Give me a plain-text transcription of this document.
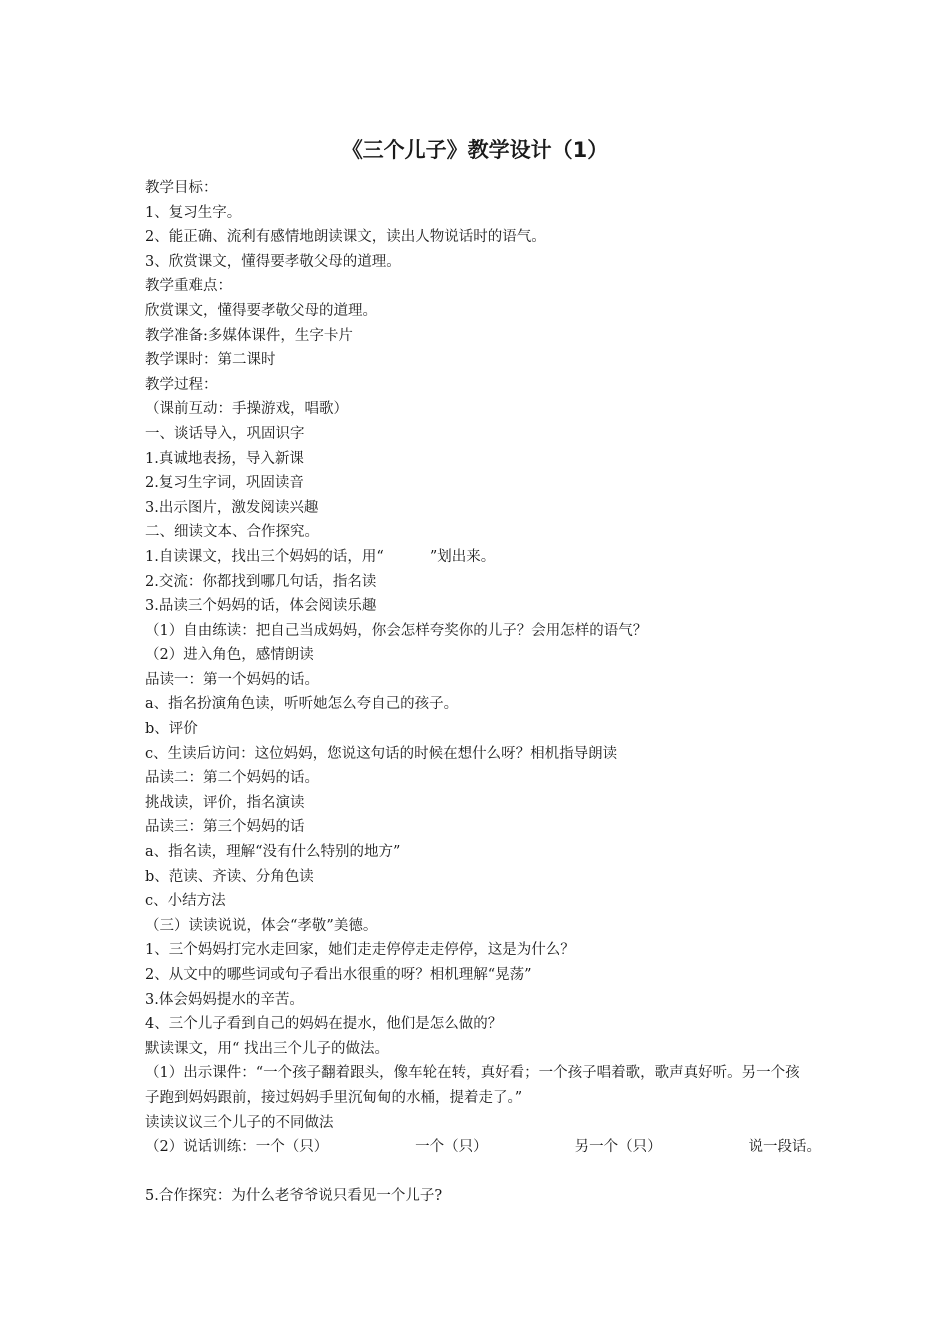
《三个儿子》教学设计（1）
教学目标：
1、复习生字。
2、能正确、流利有感情地朗读课文，读出人物说话时的语气。
3、欣赏课文，懂得要孝敬父母的道理。
教学重难点：
欣赏课文，懂得要孝敬父母的道理。
教学准备:多媒体课件，生字卡片
教学课时：第二课时
教学过程：
（课前互动：手操游戏，唱歌）
一、谈话导入，巩固识字
1.真诚地表扬，导入新课
2.复习生字词，巩固读音
3.出示图片，激发阅读兴趣
二、细读文本、合作探究。
1.自读课文，找出三个妈妈的话，用“          ”划出来。
2.交流：你都找到哪几句话，指名读
3.品读三个妈妈的话，体会阅读乐趣
（1）自由练读：把自己当成妈妈，你会怎样夸奖你的儿子？会用怎样的语气？
（2）进入角色，感情朗读
品读一：第一个妈妈的话。
a、指名扮演角色读，听听她怎么夸自己的孩子。
b、评价
c、生读后访问：这位妈妈，您说这句话的时候在想什么呀？相机指导朗读
品读二：第二个妈妈的话。
挑战读，评价，指名演读
品读三：第三个妈妈的话
a、指名读，理解“没有什么特别的地方”
b、范读、齐读、分角色读
c、小结方法
（三）读读说说，体会“孝敬”美德。
1、三个妈妈打完水走回家，她们走走停停走走停停，这是为什么？
2、从文中的哪些词或句子看出水很重的呀？相机理解“晃荡”
3.体会妈妈提水的辛苦。
4、三个儿子看到自己的妈妈在提水，他们是怎么做的？
默读课文，用“ 找出三个儿子的做法。
（1）出示课件：“一个孩子翻着跟头，像车轮在转，真好看；一个孩子唱着歌，歌声真好听。另一个孩子跑到妈妈跟前，接过妈妈手里沉甸甸的水桶，提着走了。”
读读议议三个儿子的不同做法
（2）说话训练：一个（只）	一个（只）	另一个（只）	说一段话。
5.合作探究：为什么老爷爷说只看见一个儿子?
